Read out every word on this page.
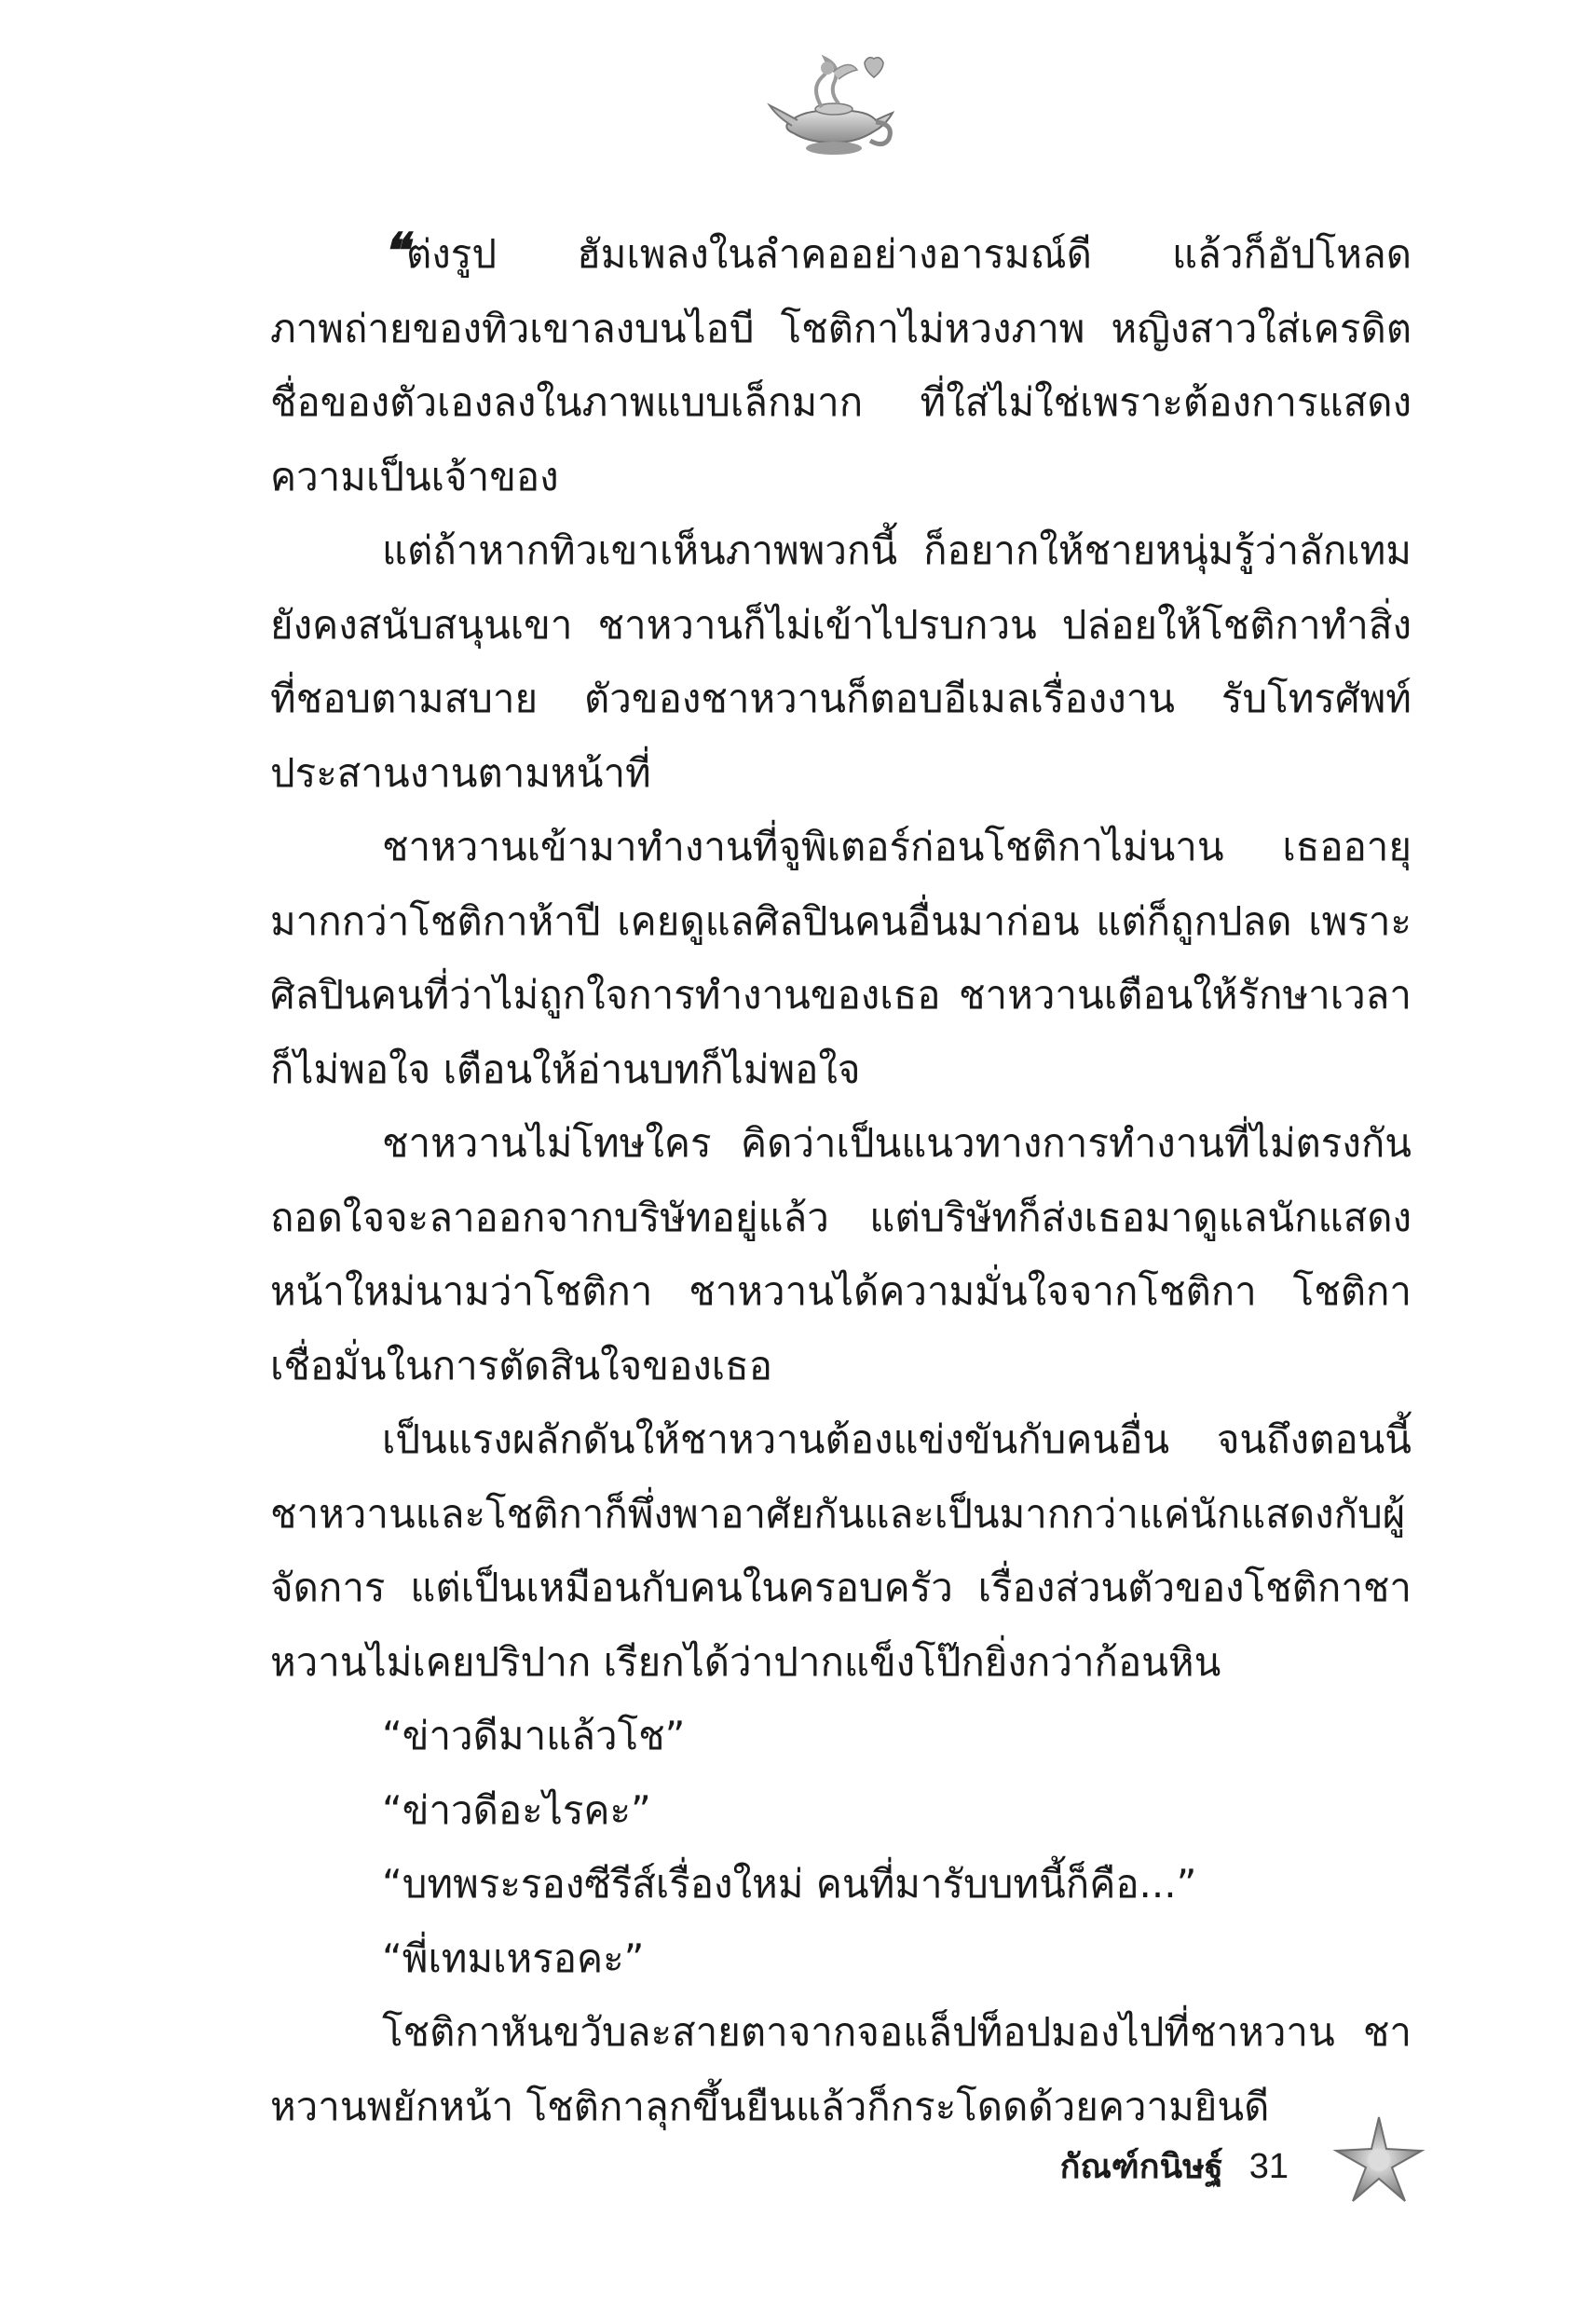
❝ต่งรูป ฮัมเพลงในลำคออย่างอารมณ์ดี แล้วก็อัปโหลดภาพถ่ายของทิวเขาลงบนไอบี โชติกาไม่หวงภาพ หญิงสาวใส่เครดิตชื่อของตัวเองลงในภาพแบบเล็กมาก ที่ใส่ไม่ใช่เพราะต้องการแสดงความเป็นเจ้าของ

แต่ถ้าหากทิวเขาเห็นภาพพวกนี้ ก็อยากให้ชายหนุ่มรู้ว่าลักเทมยังคงสนับสนุนเขา ชาหวานก็ไม่เข้าไปรบกวน ปล่อยให้โชติกาทำสิ่งที่ชอบตามสบาย ตัวของชาหวานก็ตอบอีเมลเรื่องงาน รับโทรศัพท์ประสานงานตามหน้าที่

ชาหวานเข้ามาทำงานที่จูพิเตอร์ก่อนโชติกาไม่นาน เธออายุมากกว่าโชติกาห้าปี เคยดูแลศิลปินคนอื่นมาก่อน แต่ก็ถูกปลด เพราะศิลปินคนที่ว่าไม่ถูกใจการทำงานของเธอ ชาหวานเตือนให้รักษาเวลาก็ไม่พอใจ เตือนให้อ่านบทก็ไม่พอใจ

ชาหวานไม่โทษใคร คิดว่าเป็นแนวทางการทำงานที่ไม่ตรงกัน ถอดใจจะลาออกจากบริษัทอยู่แล้ว แต่บริษัทก็ส่งเธอมาดูแลนักแสดงหน้าใหม่นามว่าโชติกา ชาหวานได้ความมั่นใจจากโชติกา โชติกาเชื่อมั่นในการตัดสินใจของเธอ

เป็นแรงผลักดันให้ชาหวานต้องแข่งขันกับคนอื่น จนถึงตอนนี้ชาหวานและโชติกาก็พึ่งพาอาศัยกันและเป็นมากกว่าแค่นักแสดงกับผู้จัดการ แต่เป็นเหมือนกับคนในครอบครัว เรื่องส่วนตัวของโชติกาชาหวานไม่เคยปริปาก เรียกได้ว่าปากแข็งโป๊กยิ่งกว่าก้อนหิน

“ข่าวดีมาแล้วโช”

“ข่าวดีอะไรคะ”

“บทพระรองซีรีส์เรื่องใหม่ คนที่มารับบทนี้ก็คือ...”

“พี่เทมเหรอคะ”

โชติกาหันขวับละสายตาจากจอแล็ปท็อปมองไปที่ชาหวาน ชาหวานพยักหน้า โชติกาลุกขึ้นยืนแล้วก็กระโดดด้วยความยินดี

กัณฑ์กนิษฐ์ 31
